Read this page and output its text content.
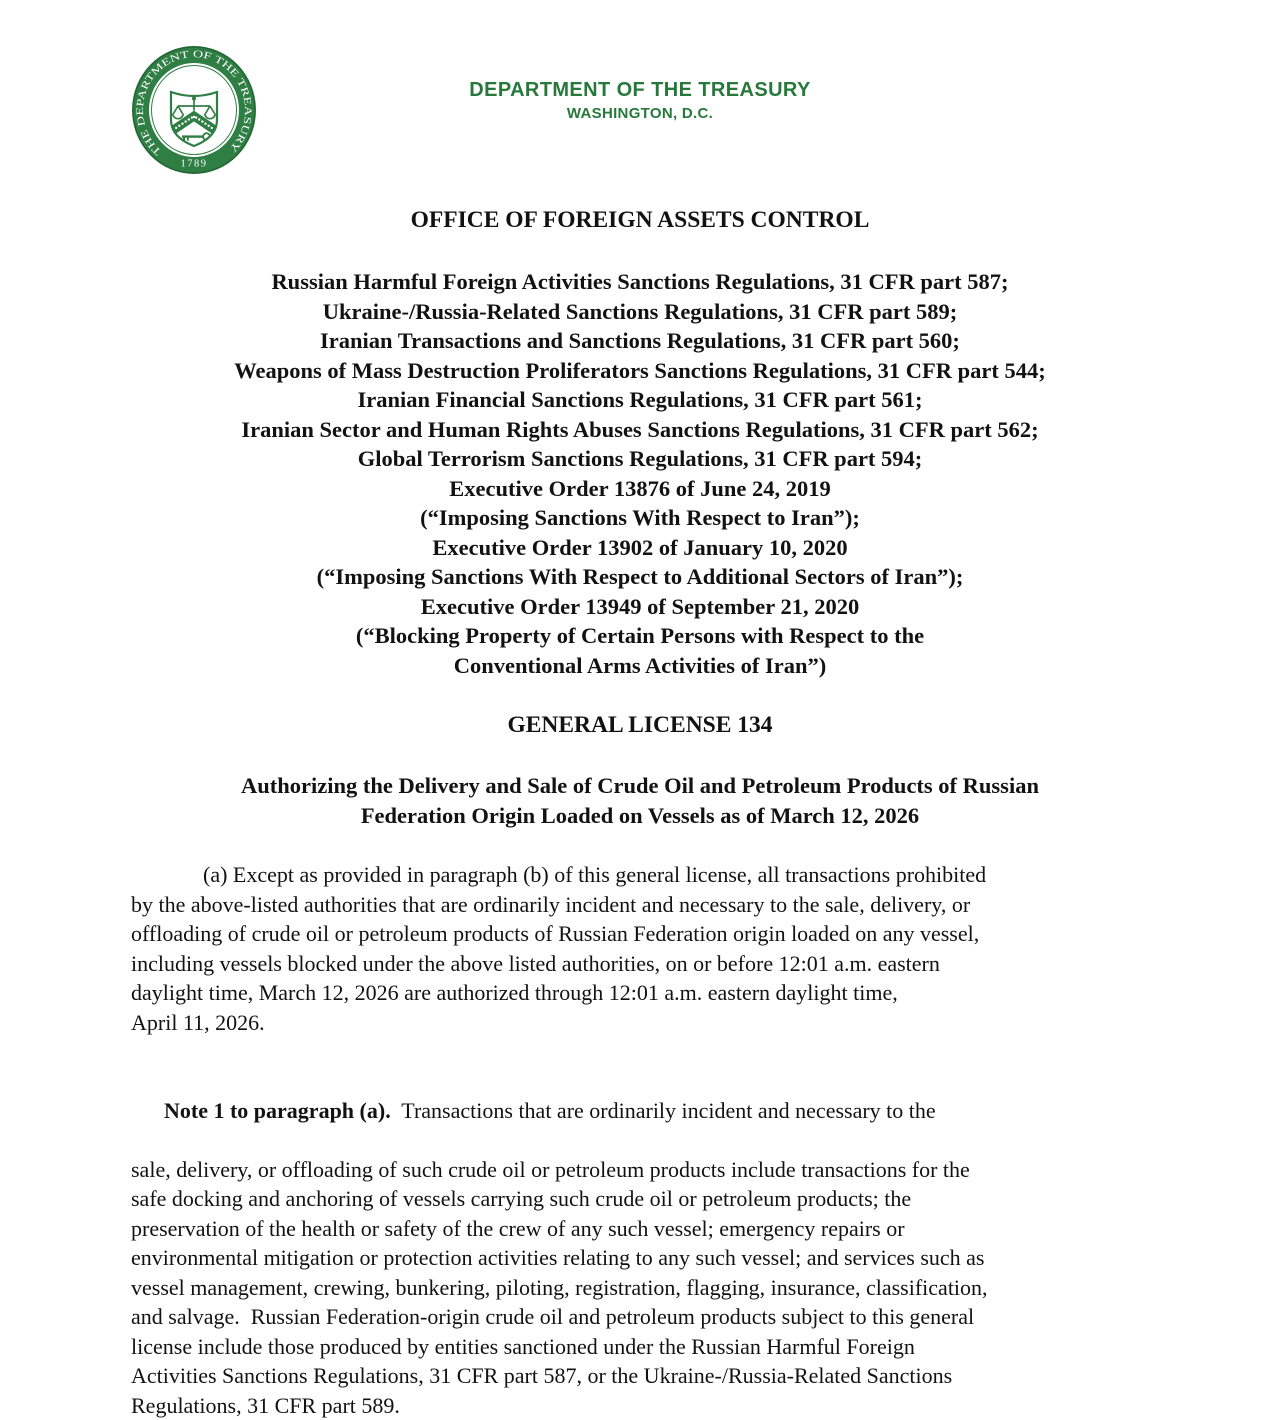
THE DEPARTMENT OF THE TREASURY
1789
DEPARTMENT OF THE TREASURY
WASHINGTON, D.C.
OFFICE OF FOREIGN ASSETS CONTROL
Russian Harmful Foreign Activities Sanctions Regulations, 31 CFR part 587;
Ukraine-/Russia-Related Sanctions Regulations, 31 CFR part 589;
Iranian Transactions and Sanctions Regulations, 31 CFR part 560;
Weapons of Mass Destruction Proliferators Sanctions Regulations, 31 CFR part 544;
Iranian Financial Sanctions Regulations, 31 CFR part 561;
Iranian Sector and Human Rights Abuses Sanctions Regulations, 31 CFR part 562;
Global Terrorism Sanctions Regulations, 31 CFR part 594;
Executive Order 13876 of June 24, 2019
(“Imposing Sanctions With Respect to Iran”);
Executive Order 13902 of January 10, 2020
(“Imposing Sanctions With Respect to Additional Sectors of Iran”);
Executive Order 13949 of September 21, 2020
(“Blocking Property of Certain Persons with Respect to the
Conventional Arms Activities of Iran”)
GENERAL LICENSE 134
Authorizing the Delivery and Sale of Crude Oil and Petroleum Products of Russian
Federation Origin Loaded on Vessels as of March 12, 2026
(a) Except as provided in paragraph (b) of this general license, all transactions prohibited
by the above-listed authorities that are ordinarily incident and necessary to the sale, delivery, or
offloading of crude oil or petroleum products of Russian Federation origin loaded on any vessel,
including vessels blocked under the above listed authorities, on or before 12:01 a.m. eastern
daylight time, March 12, 2026 are authorized through 12:01 a.m. eastern daylight time,
April 11, 2026.

Note 1 to paragraph (a).  Transactions that are ordinarily incident and necessary to the

sale, delivery, or offloading of such crude oil or petroleum products include transactions for the
safe docking and anchoring of vessels carrying such crude oil or petroleum products; the
preservation of the health or safety of the crew of any such vessel; emergency repairs or
environmental mitigation or protection activities relating to any such vessel; and services such as
vessel management, crewing, bunkering, piloting, registration, flagging, insurance, classification,
and salvage.  Russian Federation-origin crude oil and petroleum products subject to this general
license include those produced by entities sanctioned under the Russian Harmful Foreign
Activities Sanctions Regulations, 31 CFR part 587, or the Ukraine-/Russia-Related Sanctions
Regulations, 31 CFR part 589.
